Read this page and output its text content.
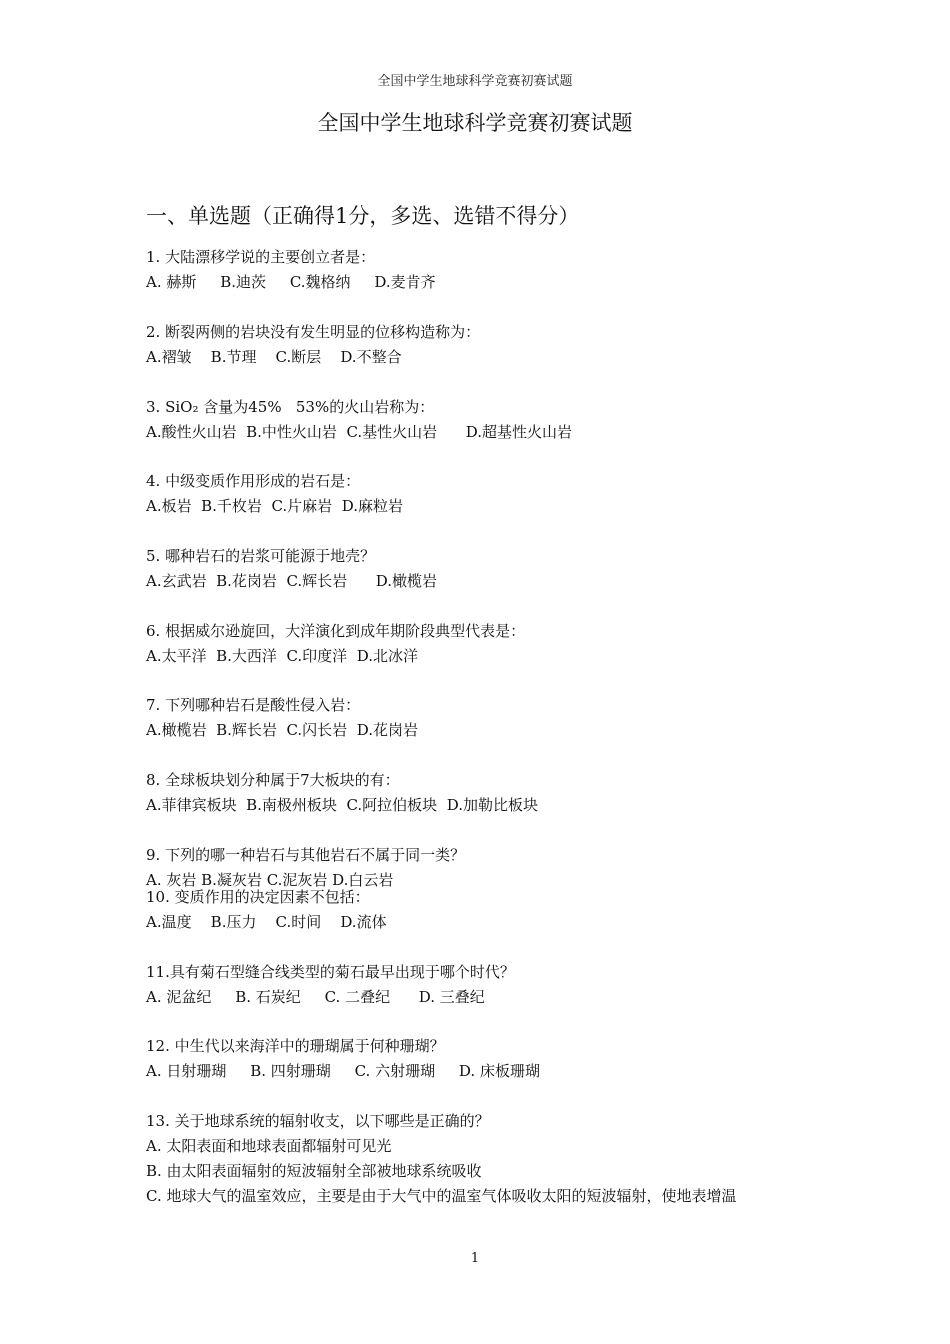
全国中学生地球科学竞赛初赛试题
全国中学生地球科学竞赛初赛试题
一、单选题（正确得1分，多选、选错不得分）
1. 大陆漂移学说的主要创立者是：
A. 赫斯     B.迪茨     C.魏格纳     D.麦肯齐
2. 断裂两侧的岩块没有发生明显的位移构造称为：
A.褶皱    B.节理    C.断层    D.不整合
3. SiO₂ 含量为45%   53%的火山岩称为：
A.酸性火山岩  B.中性火山岩  C.基性火山岩      D.超基性火山岩
4. 中级变质作用形成的岩石是：
A.板岩  B.千枚岩  C.片麻岩  D.麻粒岩
5. 哪种岩石的岩浆可能源于地壳？
A.玄武岩  B.花岗岩  C.辉长岩      D.橄榄岩
6. 根据威尔逊旋回，大洋演化到成年期阶段典型代表是：
A.太平洋  B.大西洋  C.印度洋  D.北冰洋
7. 下列哪种岩石是酸性侵入岩：
A.橄榄岩  B.辉长岩  C.闪长岩  D.花岗岩
8. 全球板块划分种属于7大板块的有：
A.菲律宾板块  B.南极州板块  C.阿拉伯板块  D.加勒比板块
9. 下列的哪一种岩石与其他岩石不属于同一类？
A. 灰岩 B.凝灰岩 C.泥灰岩 D.白云岩
10. 变质作用的决定因素不包括：
A.温度    B.压力    C.时间    D.流体
11.具有菊石型缝合线类型的菊石最早出现于哪个时代？
A. 泥盆纪     B. 石炭纪     C. 二叠纪      D. 三叠纪
12. 中生代以来海洋中的珊瑚属于何种珊瑚？
A. 日射珊瑚     B. 四射珊瑚     C. 六射珊瑚     D. 床板珊瑚
13. 关于地球系统的辐射收支，以下哪些是正确的？
A. 太阳表面和地球表面都辐射可见光
B. 由太阳表面辐射的短波辐射全部被地球系统吸收
C. 地球大气的温室效应，主要是由于大气中的温室气体吸收太阳的短波辐射，使地表增温
1
